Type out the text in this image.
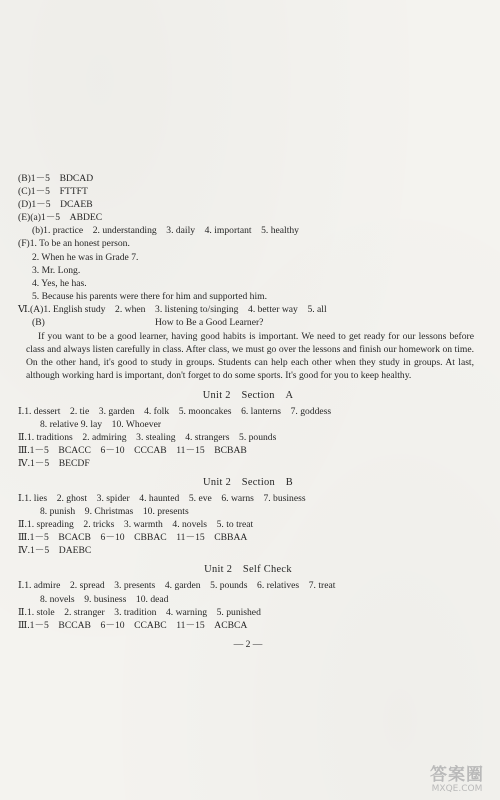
(B)1－5　BDCAD
(C)1－5　FTTFT
(D)1－5　DCAEB
(E)(a)1－5　ABDEC
(b)1. practice　2. understanding　3. daily　4. important　5. healthy
(F)1. To be an honest person.
2. When he was in Grade 7.
3. Mr. Long.
4. Yes, he has.
5. Because his parents were there for him and supported him.
Ⅵ.(A)1. English study　2. when　3. listening to/singing　4. better way　5. all
(B)	How to Be a Good Learner?
If you want to be a good learner, having good habits is important. We need to get ready for our lessons before class and always listen carefully in class. After class, we must go over the lessons and finish our homework on time. On the other hand, it's good to study in groups. Students can help each other when they study in groups. At last, although working hard is important, don't forget to do some sports. It's good for you to keep healthy.
Unit 2　Section　A
Ⅰ.1. dessert　2. tie　3. garden　4. folk　5. mooncakes　6. lanterns　7. goddess
8. relative 9. lay　10. Whoever
Ⅱ.1. traditions　2. admiring　3. stealing　4. strangers　5. pounds
Ⅲ.1－5　BCACC　6－10　CCCAB　11－15　BCBAB
Ⅳ.1－5　BECDF
Unit 2　Section　B
Ⅰ.1. lies　2. ghost　3. spider　4. haunted　5. eve　6. warns　7. business
8. punish　9. Christmas　10. presents
Ⅱ.1. spreading　2. tricks　3. warmth　4. novels　5. to treat
Ⅲ.1－5　BCACB　6－10　CBBAC　11－15　CBBAA
Ⅳ.1－5　DAEBC
Unit 2　Self Check
Ⅰ.1. admire　2. spread　3. presents　4. garden　5. pounds　6. relatives　7. treat
8. novels　9. business　10. dead
Ⅱ.1. stole　2. stranger　3. tradition　4. warning　5. punished
Ⅲ.1－5　BCCAB　6－10　CCABC　11－15　ACBCA
— 2 —
答案圈
MXQE.COM
